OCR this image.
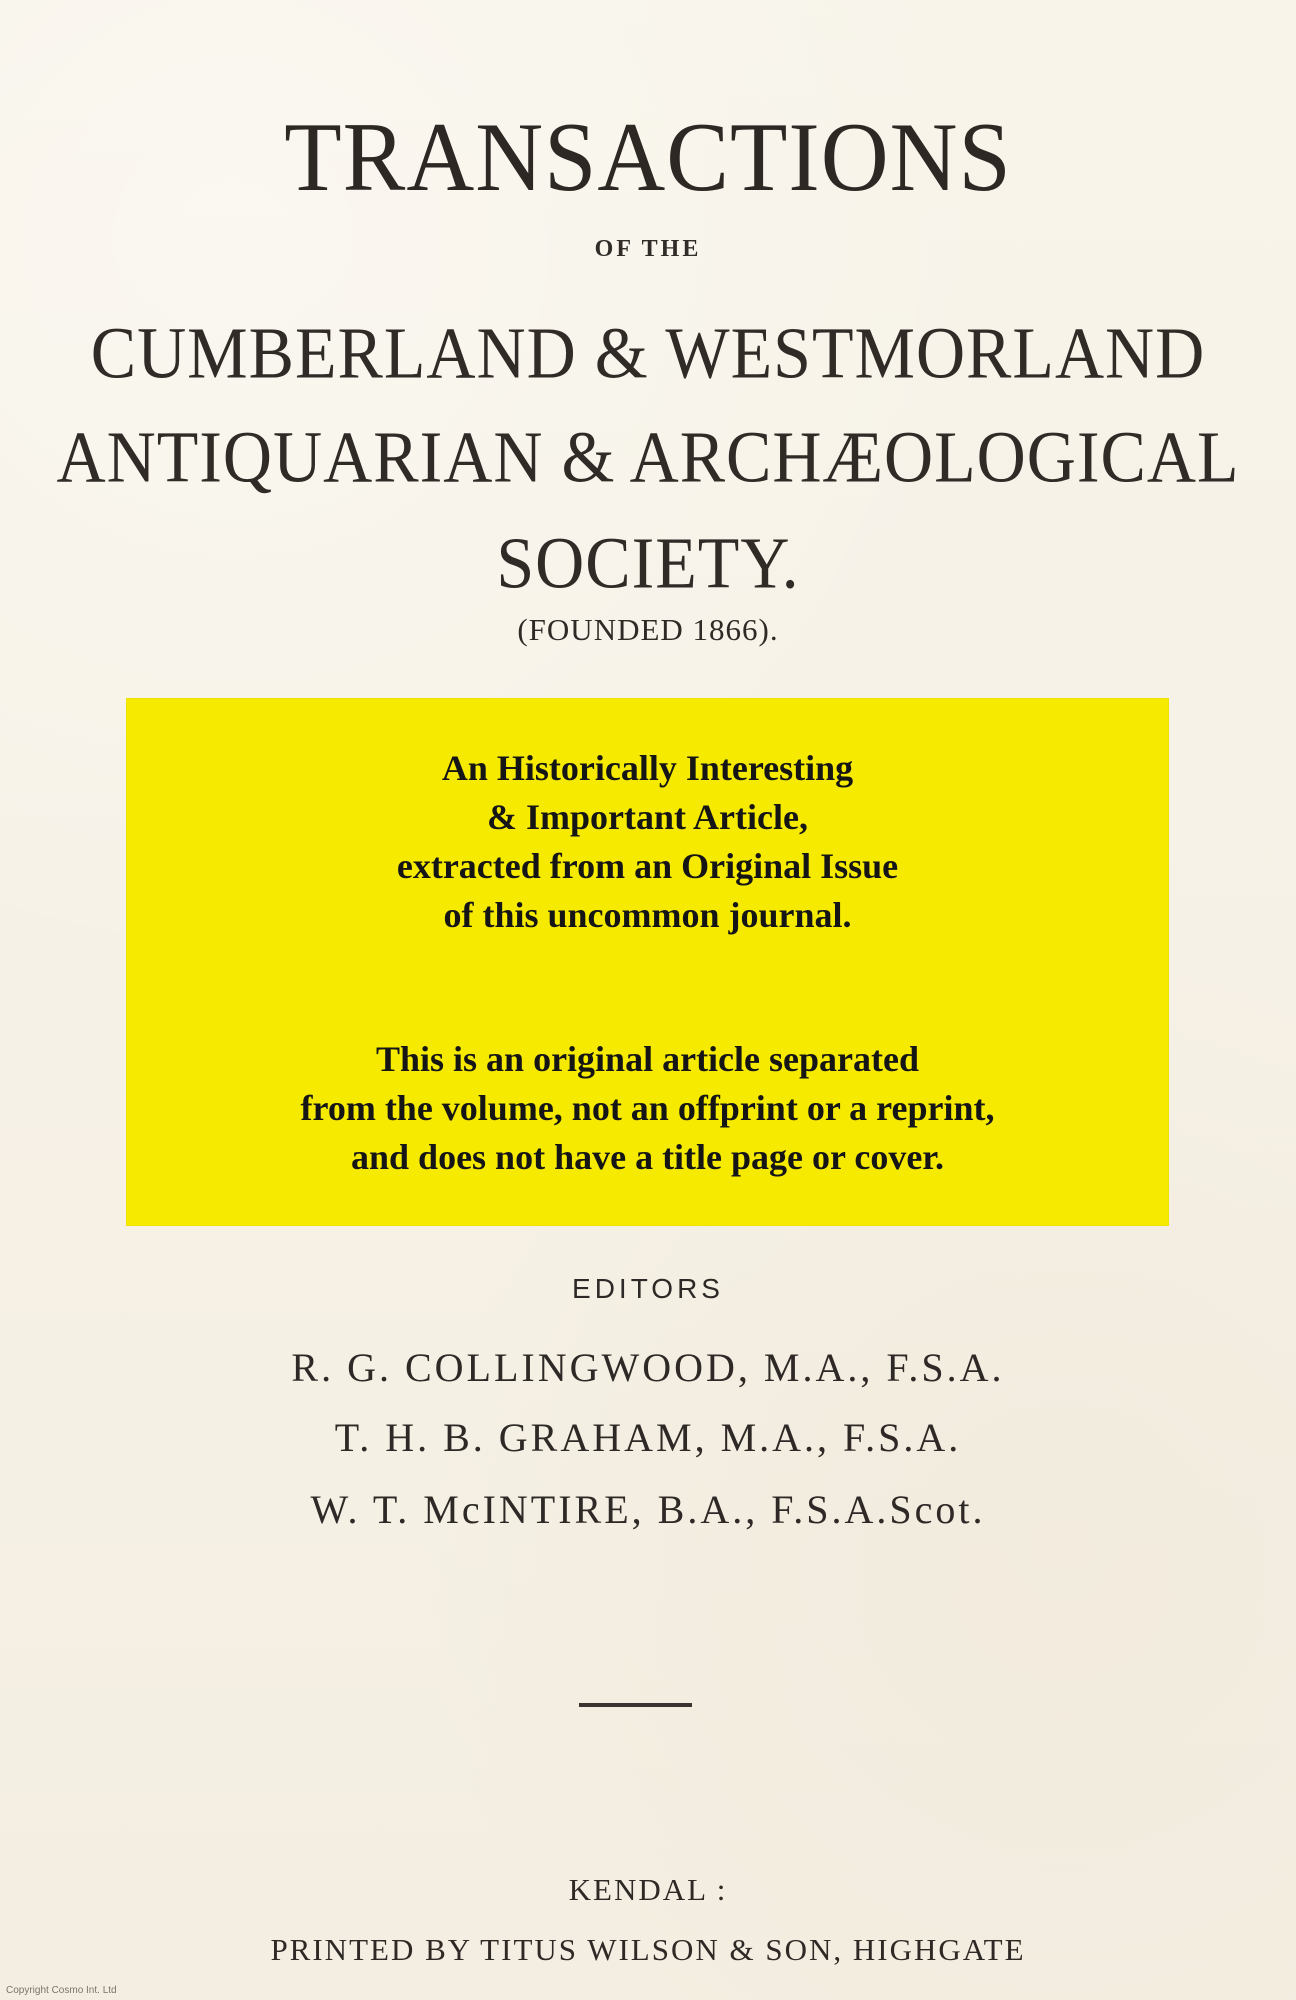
TRANSACTIONS
OF THE
CUMBERLAND & WESTMORLAND
ANTIQUARIAN & ARCHÆOLOGICAL
SOCIETY.
(FOUNDED 1866).
An Historically Interesting
& Important Article,
extracted from an Original Issue
of this uncommon journal.
This is an original article separated
from the volume, not an offprint or a reprint,
and does not have a title page or cover.
EDITORS
R. G. COLLINGWOOD, M.A., F.S.A.
T. H. B. GRAHAM, M.A., F.S.A.
W. T. McINTIRE, B.A., F.S.A.Scot.
KENDAL :
PRINTED BY TITUS WILSON & SON, HIGHGATE
Copyright Cosmo Int. Ltd
